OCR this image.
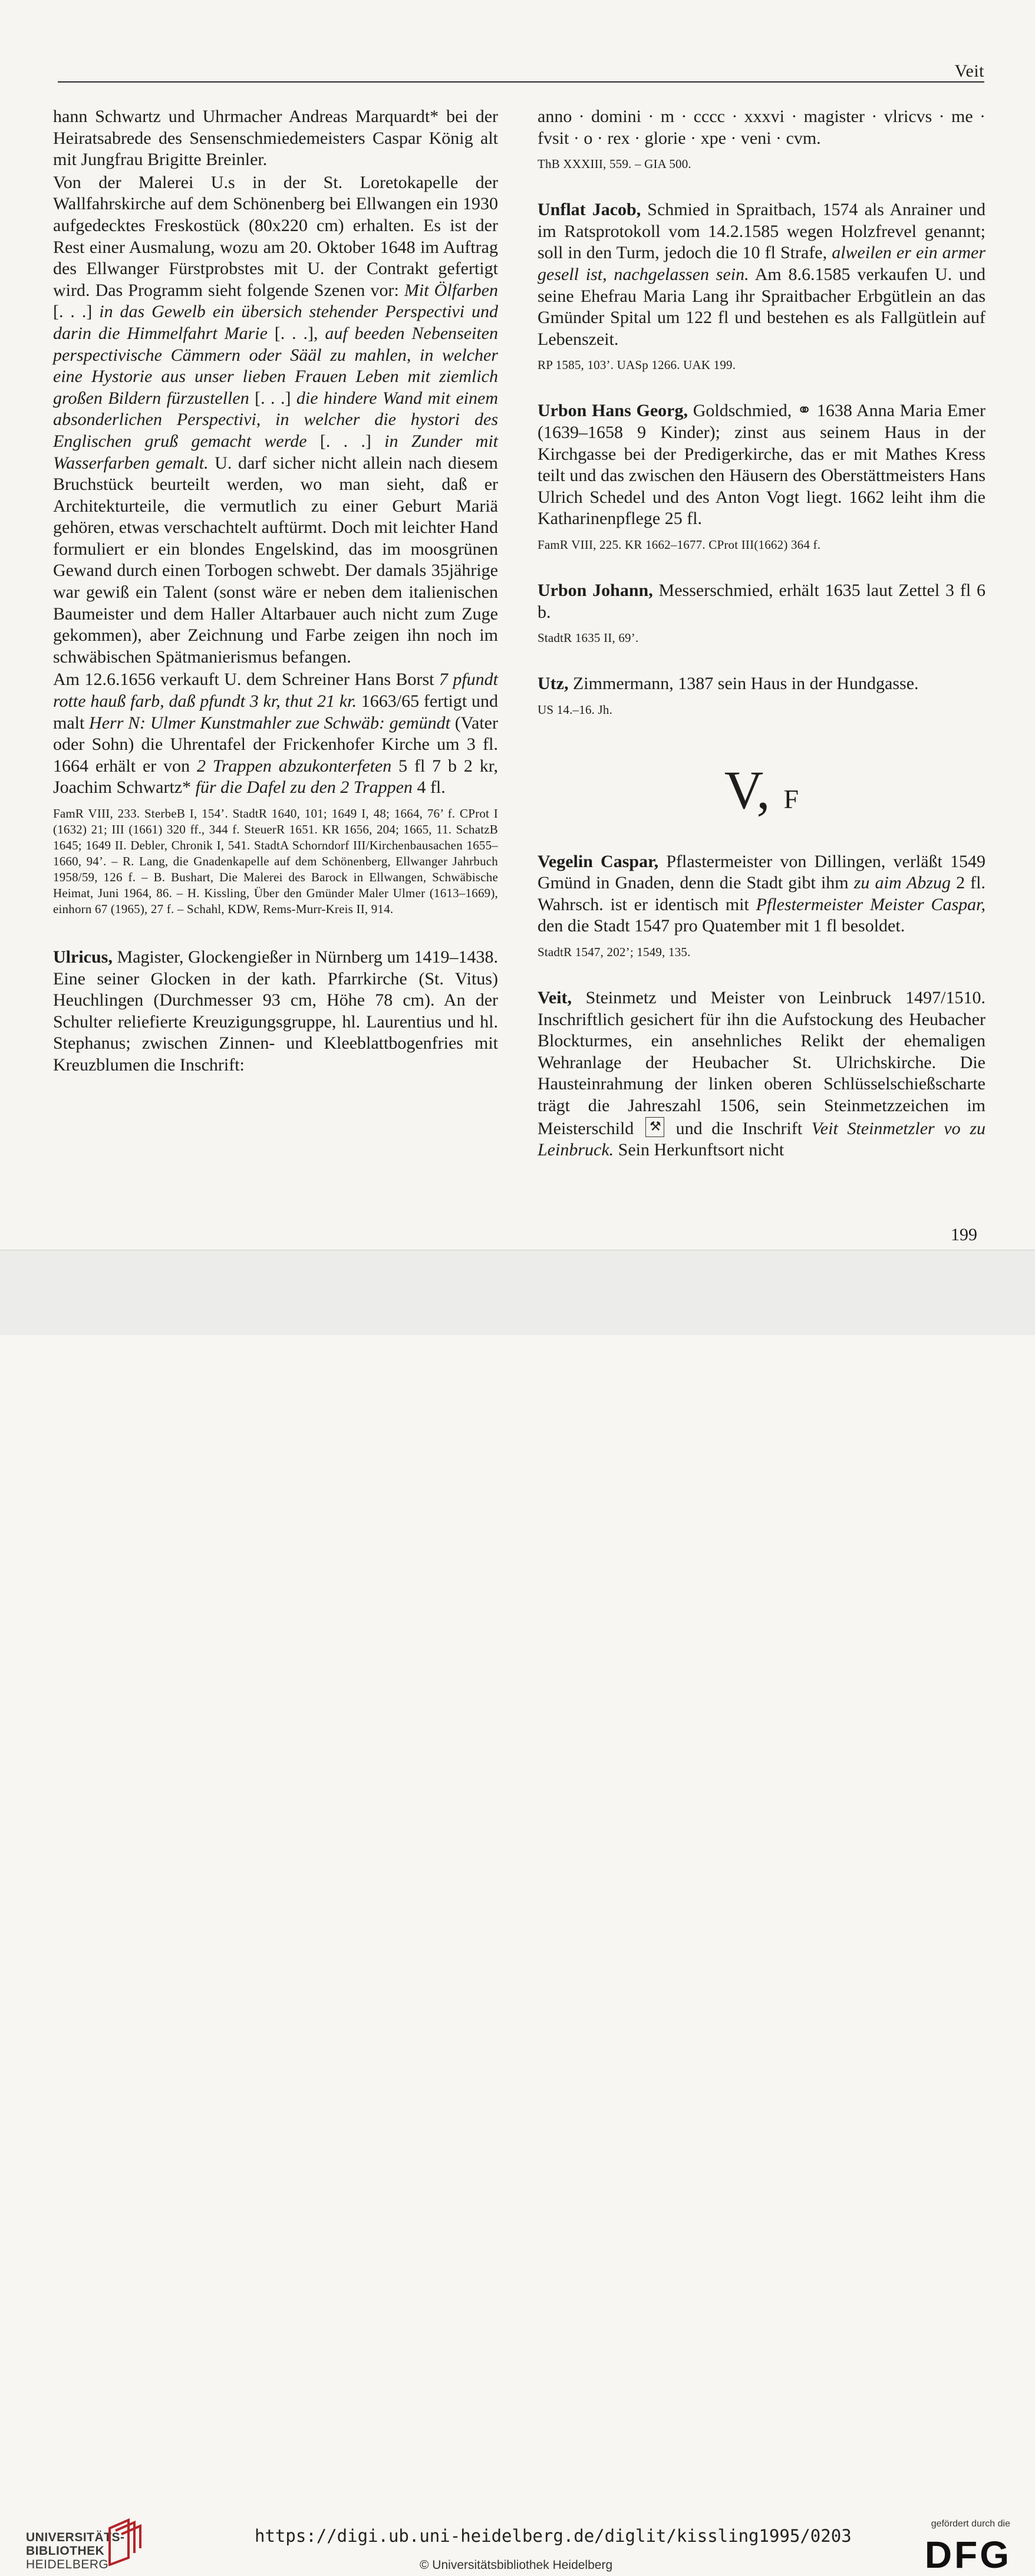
Veit

hann Schwartz und Uhrmacher Andreas Marquardt* bei der Heiratsabrede des Sensenschmiedemeisters Caspar König alt mit Jungfrau Brigitte Breinler.

Von der Malerei U.s in der St. Loretokapelle der Wallfahrskirche auf dem Schönenberg bei Ellwangen ein 1930 aufgedecktes Freskostück (80x220 cm) erhalten. Es ist der Rest einer Ausmalung, wozu am 20. Oktober 1648 im Auftrag des Ellwanger Fürstprobstes mit U. der Contrakt gefertigt wird. Das Programm sieht folgende Szenen vor: Mit Ölfarben [. . .] in das Gewelb ein übersich stehender Perspectivi und darin die Himmelfahrt Marie [. . .], auf beeden Nebenseiten perspectivische Cämmern oder Sääl zu mahlen, in welcher eine Hystorie aus unser lieben Frauen Leben mit ziemlich großen Bildern fürzustellen [. . .] die hindere Wand mit einem absonderlichen Perspectivi, in welcher die hystori des Englischen gruß gemacht werde [. . .] in Zunder mit Wasserfarben gemalt. U. darf sicher nicht allein nach diesem Bruchstück beurteilt werden, wo man sieht, daß er Architekturteile, die vermutlich zu einer Geburt Mariä gehören, etwas verschachtelt auftürmt. Doch mit leichter Hand formuliert er ein blondes Engelskind, das im moosgrünen Gewand durch einen Torbogen schwebt. Der damals 35jährige war gewiß ein Talent (sonst wäre er neben dem italienischen Baumeister und dem Haller Altarbauer auch nicht zum Zuge gekommen), aber Zeichnung und Farbe zeigen ihn noch im schwäbischen Spätmanierismus befangen.

Am 12.6.1656 verkauft U. dem Schreiner Hans Borst 7 pfundt rotte hauß farb, daß pfundt 3 kr, thut 21 kr. 1663/65 fertigt und malt Herr N: Ulmer Kunstmahler zue Schwäb: gemündt (Vater oder Sohn) die Uhrentafel der Frickenhofer Kirche um 3 fl. 1664 erhält er von 2 Trappen abzukonterfeten 5 fl 7 b 2 kr, Joachim Schwartz* für die Dafel zu den 2 Trappen 4 fl.

FamR VIII, 233. SterbeB I, 154’. StadtR 1640, 101; 1649 I, 48; 1664, 76’ f. CProt I (1632) 21; III (1661) 320 ff., 344 f. SteuerR 1651. KR 1656, 204; 1665, 11. SchatzB 1645; 1649 II. Debler, Chronik I, 541. StadtA Schorndorf III/Kirchenbausachen 1655–1660, 94’. – R. Lang, die Gnadenkapelle auf dem Schönenberg, Ellwanger Jahrbuch 1958/59, 126 f. – B. Bushart, Die Malerei des Barock in Ellwangen, Schwäbische Heimat, Juni 1964, 86. – H. Kissling, Über den Gmünder Maler Ulmer (1613–1669), einhorn 67 (1965), 27 f. – Schahl, KDW, Rems-Murr-Kreis II, 914.

Ulricus, Magister, Glockengießer in Nürnberg um 1419–1438. Eine seiner Glocken in der kath. Pfarrkirche (St. Vitus) Heuchlingen (Durchmesser 93 cm, Höhe 78 cm). An der Schulter reliefierte Kreuzigungsgruppe, hl. Laurentius und hl. Stephanus; zwischen Zinnen- und Kleeblattbogenfries mit Kreuzblumen die Inschrift:

anno · domini · m · cccc · xxxvi · magister · vlricvs · me · fvsit · o · rex · glorie · xpe · veni · cvm.

ThB XXXIII, 559. – GIA 500.

Unflat Jacob, Schmied in Spraitbach, 1574 als Anrainer und im Ratsprotokoll vom 14.2.1585 wegen Holzfrevel genannt; soll in den Turm, jedoch die 10 fl Strafe, alweilen er ein armer gesell ist, nachgelassen sein. Am 8.6.1585 verkaufen U. und seine Ehefrau Maria Lang ihr Spraitbacher Erbgütlein an das Gmünder Spital um 122 fl und bestehen es als Fallgütlein auf Lebenszeit.

RP 1585, 103’. UASp 1266. UAK 199.

Urbon Hans Georg, Goldschmied, ⚭ 1638 Anna Maria Emer (1639–1658 9 Kinder); zinst aus seinem Haus in der Kirchgasse bei der Predigerkirche, das er mit Mathes Kress teilt und das zwischen den Häusern des Oberstättmeisters Hans Ulrich Schedel und des Anton Vogt liegt. 1662 leiht ihm die Katharinenpflege 25 fl.

FamR VIII, 225. KR 1662–1677. CProt III(1662) 364 f.

Urbon Johann, Messerschmied, erhält 1635 laut Zettel 3 fl 6 b.

StadtR 1635 II, 69’.

Utz, Zimmermann, 1387 sein Haus in der Hundgasse.

US 14.–16. Jh.

V, F

Vegelin Caspar, Pflastermeister von Dillingen, verläßt 1549 Gmünd in Gnaden, denn die Stadt gibt ihm zu aim Abzug 2 fl. Wahrsch. ist er identisch mit Pflestermeister Meister Caspar, den die Stadt 1547 pro Quatember mit 1 fl besoldet.

StadtR 1547, 202’; 1549, 135.

Veit, Steinmetz und Meister von Leinbruck 1497/1510. Inschriftlich gesichert für ihn die Aufstockung des Heubacher Blockturmes, ein ansehnliches Relikt der ehemaligen Wehranlage der Heubacher St. Ulrichskirche. Die Hausteinrahmung der linken oberen Schlüsselschießscharte trägt die Jahreszahl 1506, sein Steinmetzzeichen im Meisterschild ⚒ und die Inschrift Veit Steinmetzler vo zu Leinbruck. Sein Herkunftsort nicht

199
UNIVERSITÄTS-
BIBLIOTHEK
HEIDELBERG
https://digi.ub.uni-heidelberg.de/diglit/kissling1995/0203
© Universitätsbibliothek Heidelberg
gefördert durch die
DFG
